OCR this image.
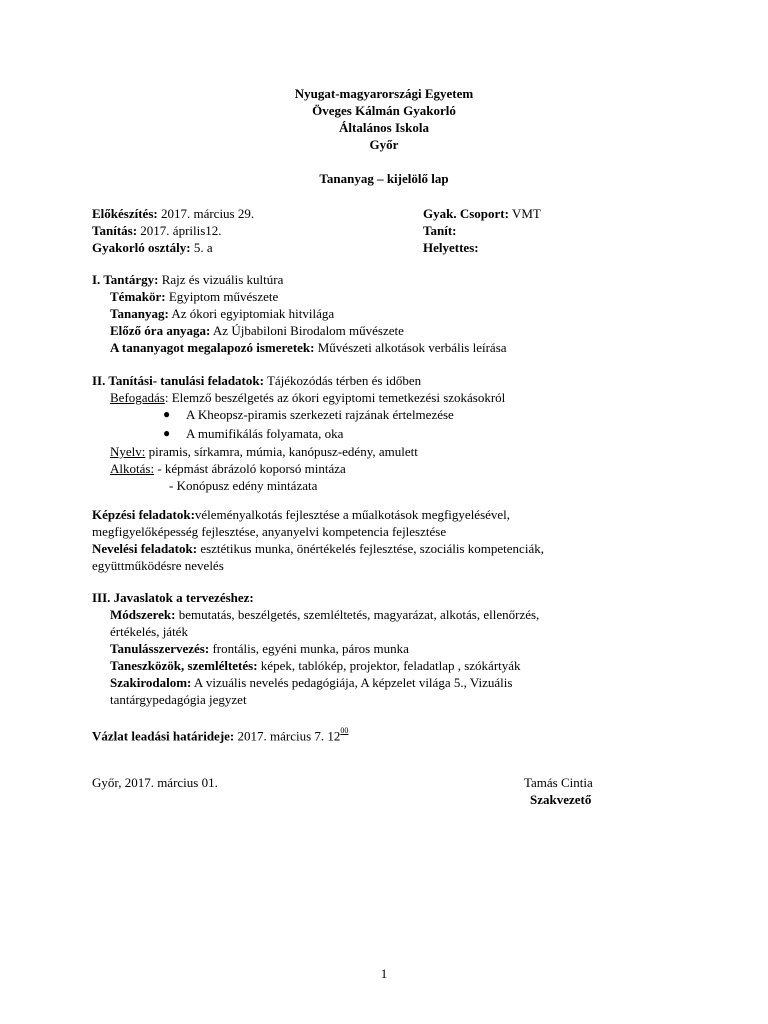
Nyugat-magyarországi Egyetem
Öveges Kálmán Gyakorló
Általános Iskola
Győr
Tananyag – kijelölő lap
Előkészítés: 2017. március 29.	Gyak. Csoport: VMT
Tanítás: 2017. április12.	Tanít:
Gyakorló osztály: 5. a	Helyettes:
I. Tantárgy: Rajz és vizuális kultúra
Témakör: Egyiptom művészete
Tananyag: Az ókori egyiptomiak hitvilága
Előző óra anyaga: Az Újbabiloni Birodalom művészete
A tananyagot megalapozó ismeretek: Művészeti alkotások verbális leírása
II. Tanítási- tanulási feladatok: Tájékozódás térben és időben
Befogadás: Elemző beszélgetés az ókori egyiptomi temetkezési szokásokról
● A Kheopsz-piramis szerkezeti rajzának értelmezése
● A mumifikálás folyamata, oka
Nyelv: piramis, sírkamra, múmia, kanópusz-edény, amulett
Alkotás: - képmást ábrázoló koporsó mintázа
- Konópusz edény mintázata
Képzési feladatok:véleményalkotás fejlesztése a műalkotások megfigyelésével,
megfigyelőképesség fejlesztése, anyanyelvi kompetencia fejlesztése
Nevelési feladatok: esztétikus munka, önértékelés fejlesztése, szociális kompetenciák,
együttműködésre nevelés
III. Javaslatok a tervezéshez:
Módszerek: bemutatás, beszélgetés, szemléltetés, magyarázat, alkotás, ellenőrzés,
értékelés, játék
Tanulásszervezés: frontális, egyéni munka, páros munka
Taneszközök, szemléltetés: képek, tablókép, projektor, feladatlap , szókártyák
Szakirodalom: A vizuális nevelés pedagógiája, A képzelet világa 5., Vizuális
tantárgypedagógia jegyzet
Vázlat leadási határideje: 2017. március 7. $12^{00}$
Győr, 2017. március 01.	Tamás Cintia
Szakvezető
1
